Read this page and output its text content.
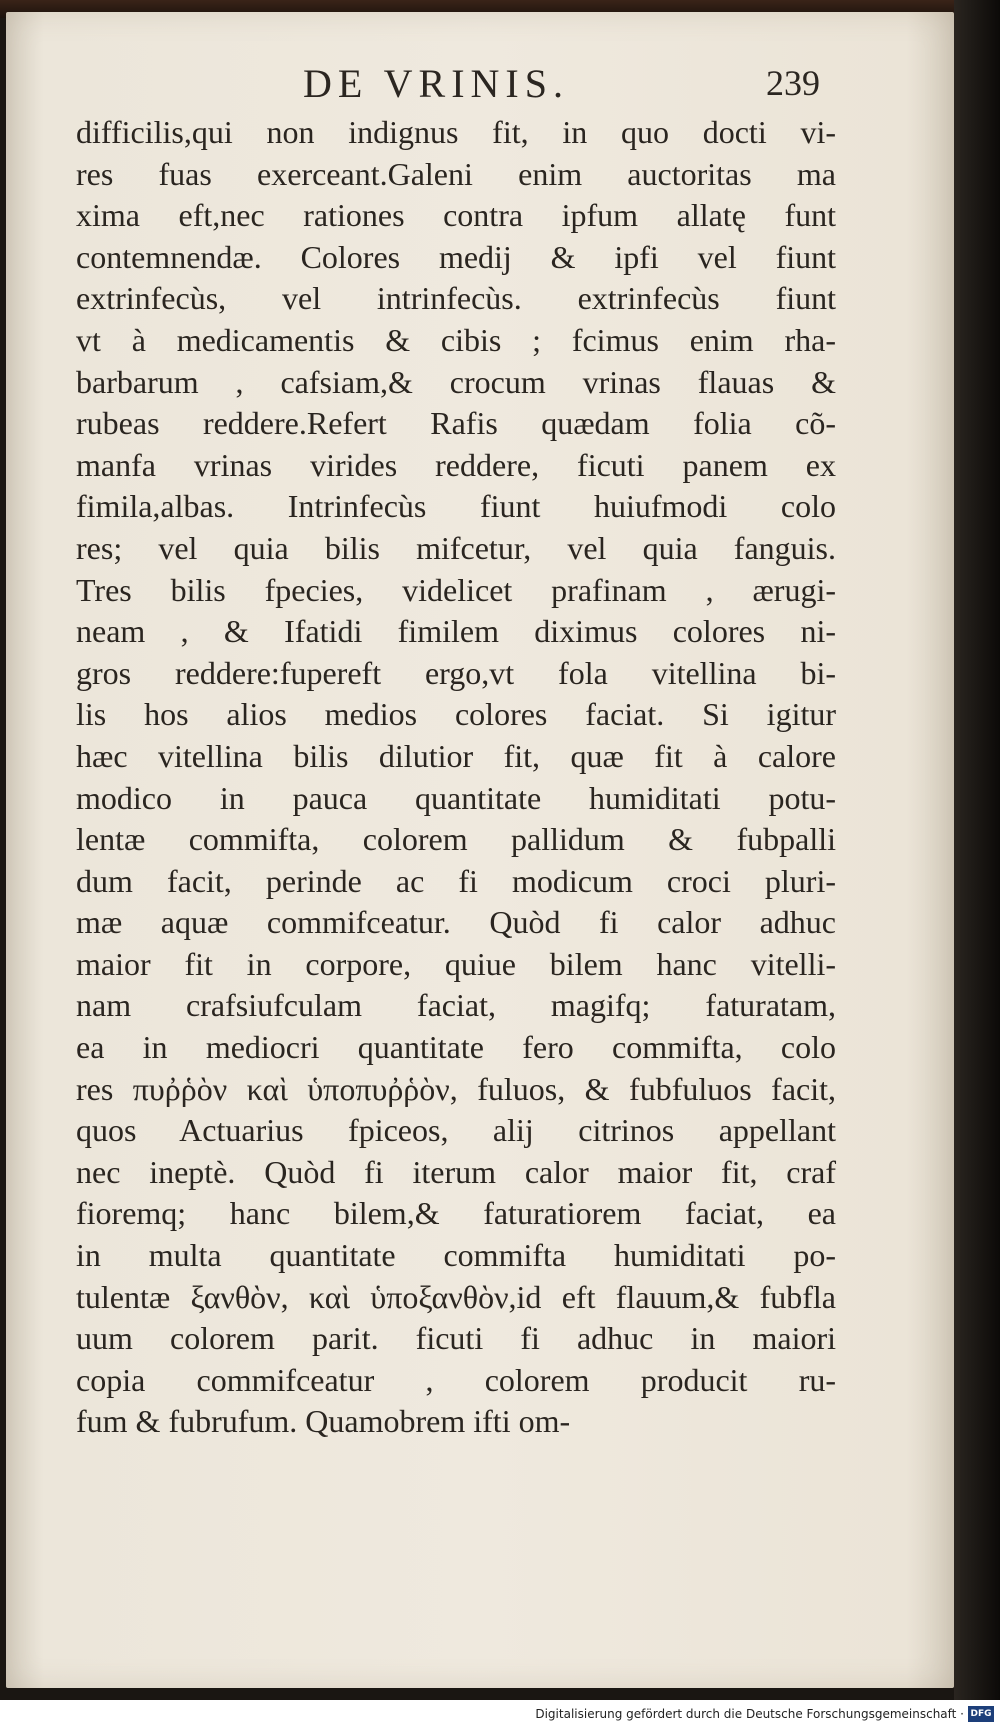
DE VRINIS.	239
difficilis,qui non indignus fit, in quo docti vi-
res fuas exerceant.Galeni enim auctoritas ma
xima eft,nec rationes contra ipfum allatę funt
contemnendæ. Colores medij & ipfi vel fiunt
extrinfecùs, vel intrinfecùs. extrinfecùs fiunt
vt à medicamentis & cibis ; fcimus enim rha-
barbarum , cafsiam,& crocum vrinas flauas &
rubeas reddere.Refert Rafis quædam folia cõ-
manfa vrinas virides reddere, ficuti panem ex
fimila,albas. Intrinfecùs fiunt huiufmodi colo
res; vel quia bilis mifcetur, vel quia fanguis.
Tres bilis fpecies, videlicet prafinam , ærugi-
neam , & Ifatidi fimilem diximus colores ni-
gros reddere:fupereft ergo,vt fola vitellina bi-
lis hos alios medios colores faciat. Si igitur
hæc vitellina bilis dilutior fit, quæ fit à calore
modico in pauca quantitate humiditati potu-
lentæ commifta, colorem pallidum & fubpalli
dum facit, perinde ac fi modicum croci pluri-
mæ aquæ commifceatur. Quòd fi calor adhuc
maior fit in corpore, quiue bilem hanc vitelli-
nam crafsiufculam faciat, magifq; faturatam,
ea in mediocri quantitate fero commifta, colo
res πυῤῥὸν καὶ ὑποπυῤῥὸν, fuluos, & fubfuluos facit,
quos Actuarius fpiceos, alij citrinos appellant
nec ineptè. Quòd fi iterum calor maior fit, craf
fioremq; hanc bilem,& faturatiorem faciat, ea
in multa quantitate commifta humiditati po-
tulentæ ξανθὸν, καὶ ὑποξανθὸν,id eft flauum,& fubfla
uum colorem parit. ficuti fi adhuc in maiori
copia commifceatur , colorem producit ru-
fum & fubrufum. Quamobrem ifti om-
Digitalisierung gefördert durch die Deutsche Forschungsgemeinschaft · DFG
